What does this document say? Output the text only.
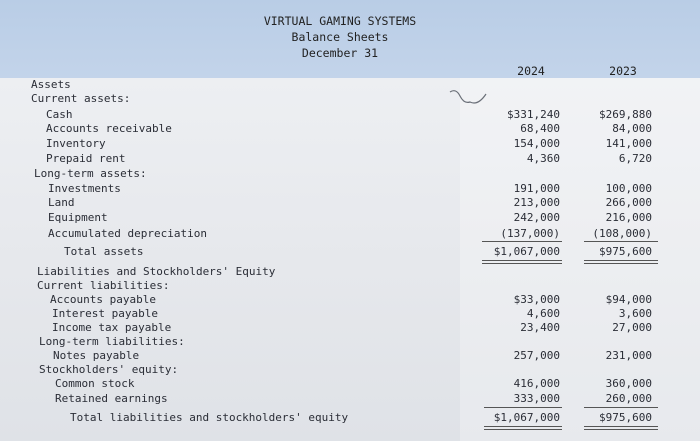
VIRTUAL GAMING SYSTEMS
Balance Sheets
December 31
2024	2023
Assets
Current assets:
Cash	$331,240	$269,880
Accounts receivable	68,400	84,000
Inventory	154,000	141,000
Prepaid rent	4,360	6,720
Long-term assets:
Investments	191,000	100,000
Land	213,000	266,000
Equipment	242,000	216,000
Accumulated depreciation	(137,000)	(108,000)
Total assets	$1,067,000	$975,600
Liabilities and Stockholders' Equity
Current liabilities:
Accounts payable	$33,000	$94,000
Interest payable	4,600	3,600
Income tax payable	23,400	27,000
Long-term liabilities:
Notes payable	257,000	231,000
Stockholders' equity:
Common stock	416,000	360,000
Retained earnings	333,000	260,000
Total liabilities and stockholders' equity	$1,067,000	$975,600
